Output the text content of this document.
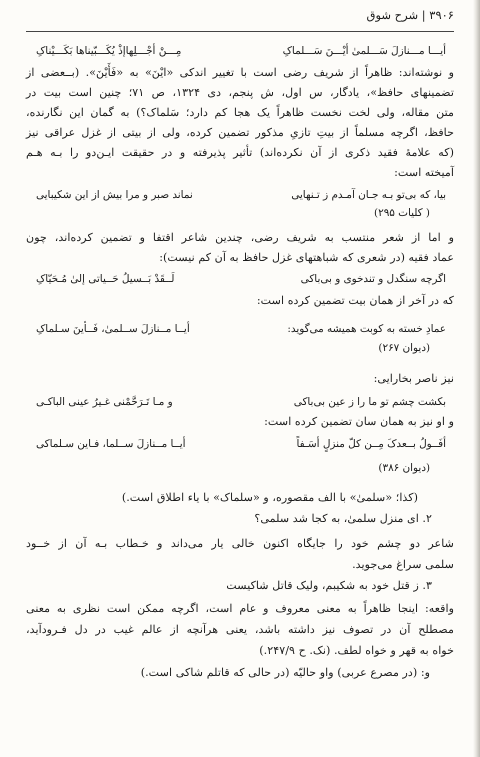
۳۹۰۶ | شرح شوق
أیـــا مـــنازلَ سَـــلمیٰ أیْـــنَ سَـــلماکِ
مِـــنْ أجْـــلِهاإذْ یُکَـــبّیناها بَکَـــیْناکِ
و نوشته‌اند: ظاهراً از شریف رضی است با تغییر اندکی «ایْنَ» به «فَأَیْنَ». (بــعضی از
تضمینهای حافظ»، یادگار، س اول، ش پنجم، دی ۱۳۲۴، ص ۷۱؛ چنین است بیت در
متن مقاله، ولی لخت نخست ظاهراً یک هجا کم دارد؛ سَلماک؟) به گمان این نگارنده،
حافظ، اگرچه مسلماً از بیتِ تازیِ مذکور تضمین کرده، ولی از بیتی از غزل عراقی نیز
(که علامهٔ فقید ذکری از آن نکرده‌اند) تأثیر پذیرفته و در حقیقت ایـن‌دو را بـه هـم
آمیخته است:
بیا، که بی‌تو بـه جـان آمـدم ز تـنهایی
نماند صبر و مرا بیش از این شکیبایی
( کلیات ۲۹۵)
و اما از شعر منتسب به شریف رضی، چندین شاعر اقتفا و تضمین کرده‌اند، چون
عماد فقیه (در شعری که شباهتهای غزل حافظ به آن کم نیست):
اگرچه سنگدل و تندخوی و بی‌باکی
لَــقَدْ بَــسیلُ حَــیاتی إلیٰ مُـحَیّاکِ
که در آخر از همان بیت تضمین کرده است:
عمادِ خسته به کوبت همیشه می‌گوید:
أیــا مــنازلَ ســلمیٰ، فَــأینَ سـلماکِ
(دیوان ۲۶۷)
نیز ناصر بخارایی:
بکشت چشم تو ما را ز عین بی‌باکی
و مـا تَـرَحَّمْنی غـیرُ عینی الباکـی
و او نیز به همان سان تضمین کرده است:
أفَــولُ بــعدکَ مِــن کلّ منزلٍ أسَـفاً
أیــا مــنازلَ ســلما، فـاین سـلماکی
(دیوان ۳۸۶)
(کذا؛ «سلمیٰ» با الف مقصوره، و «سلماک» با یاء اطلاق است.)
۲. ای منزل سلمیٰ، به کجا شد سلمی؟
شاعر دو چشم خود را جایگاه اکنون خالی یار می‌داند و خـطاب بـه آن از خــود
سلمی سراغ می‌جوید.
۳. ز قتل خود به شکیبم، ولیک قاتل شاکیست
واقعه: اینجا ظاهراً به معنی معروف و عام است، اگرچه ممکن است نظری به معنی
مصطلح آن در تصوف نیز داشته باشد، یعنی هرآنچه از عالم غیب در دل فـرودآید،
خواه به قهر و خواه لطف. (نک. ح ۲۴۷/۹.)
و: (در مصرع عربی) واو حالیّه (در حالی که قاتلم شاکی است.)
